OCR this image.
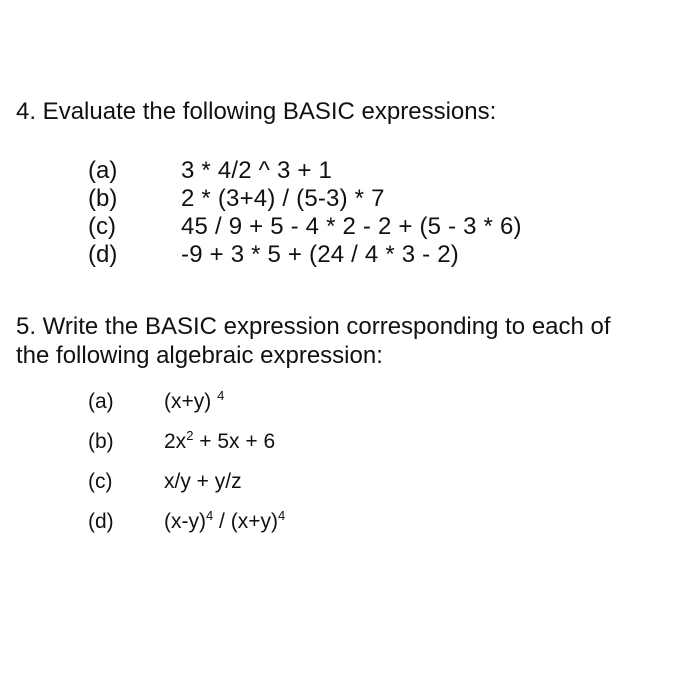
4. Evaluate the following BASIC expressions:
(a)	3 * 4/2 ^ 3 + 1
(b)	2 * (3+4) / (5-3) * 7
(c)	45 / 9 + 5 - 4 * 2 - 2 + (5 - 3 * 6)
(d)	-9 + 3 * 5 + (24 / 4 * 3 - 2)
5. Write the BASIC expression corresponding to each of
the following algebraic expression:
(a)	(x+y) $^4$
(b)	$2x^2 + 5x + 6$
(c)	x/y + y/z
(d)	$(x-y)^4 / (x+y)^4$
